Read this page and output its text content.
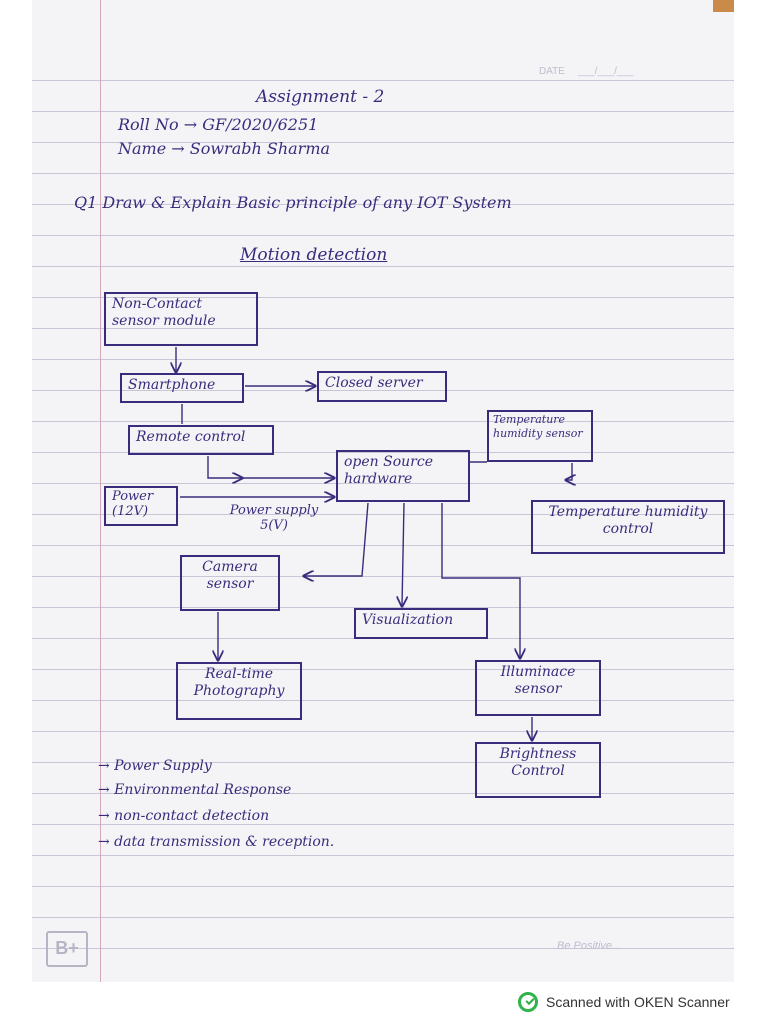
DATE ___/___/___
Assignment - 2
Roll No → GF/2020/6251
Name → Sowrabh Sharma
Q1 Draw & Explain Basic principle of any IOT System
Motion detection
Non-Contact sensor module
Smartphone	Closed server
Remote control
Temperature humidity sensor
open Source hardware
Power (12V)	Power supply 5(V)
Temperature humidity control
Camera sensor
Visualization
Real-time Photography
Illuminace sensor
Brightness Control
→ Power Supply
→ Environmental Response
→ non-contact detection
→ data transmission & reception.
B+	Be Positive...
Scanned with OKEN Scanner
